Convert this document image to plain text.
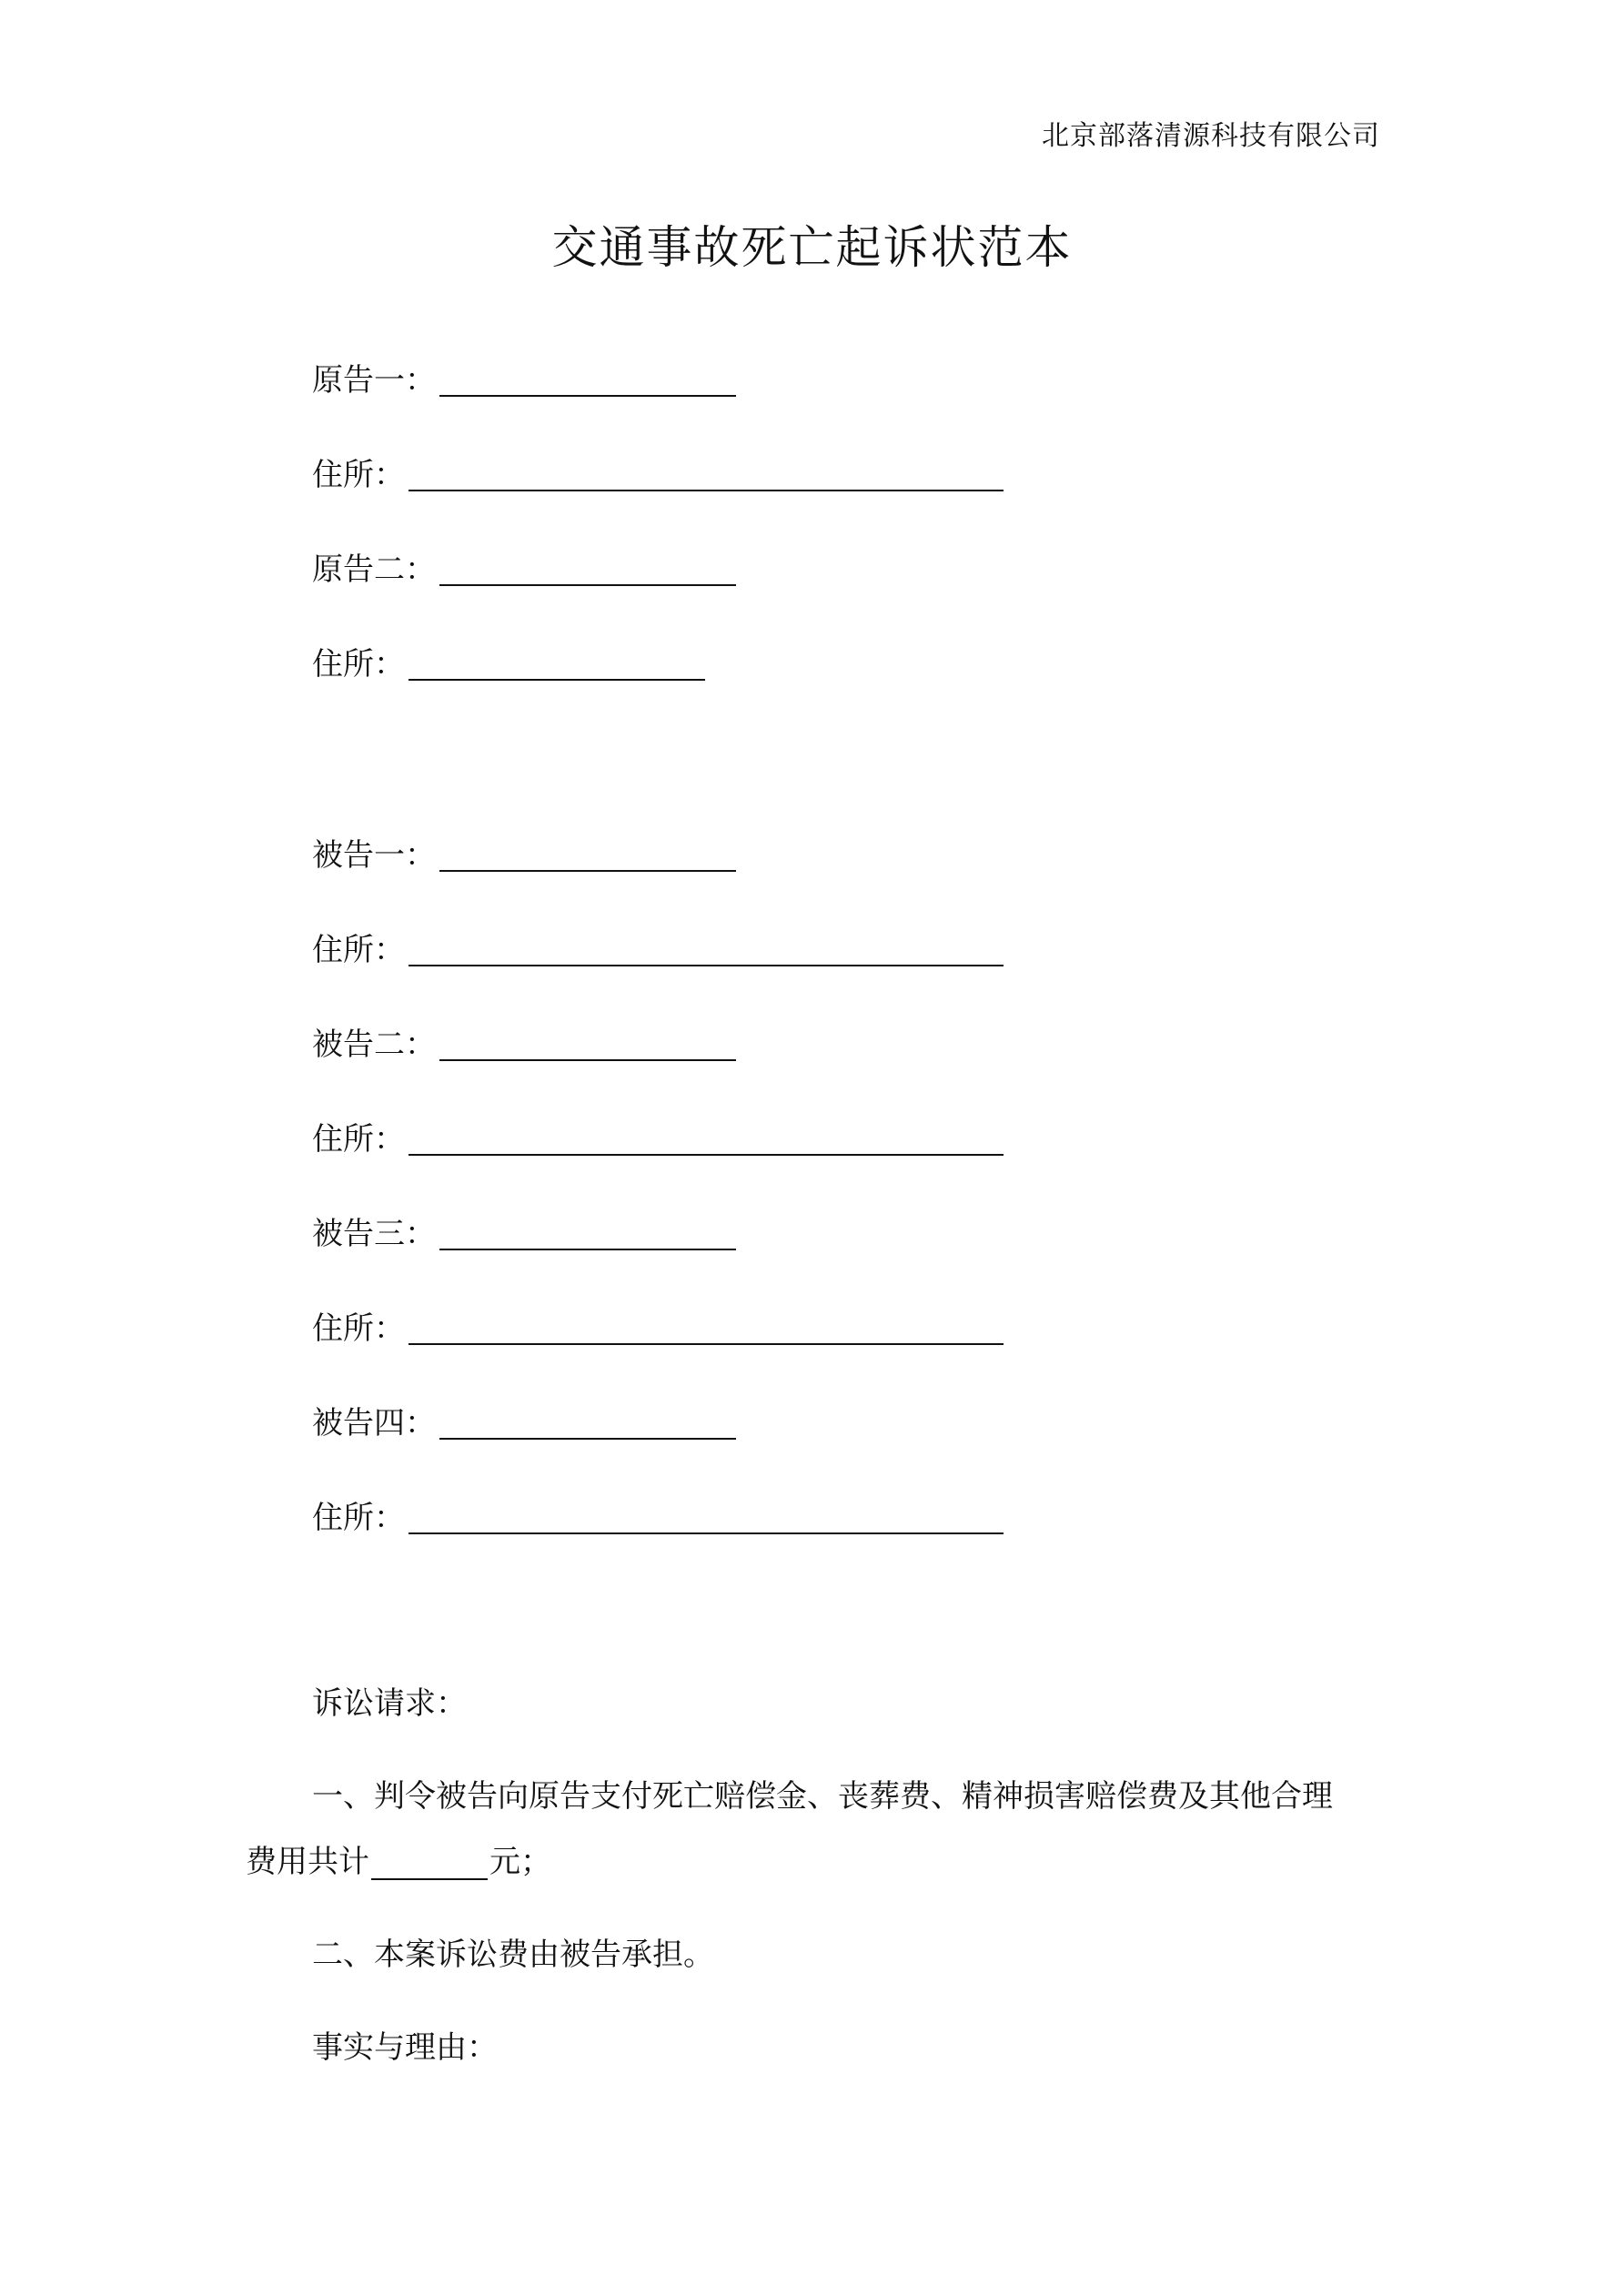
北京部落清源科技有限公司
交通事故死亡起诉状范本
原告一：
住所：
原告二：
住所：
被告一：
住所：
被告二：
住所：
被告三：
住所：
被告四：
住所：
诉讼请求：
一、判令被告向原告支付死亡赔偿金、丧葬费、精神损害赔偿费及其他合理
费用共计	元；
二、本案诉讼费由被告承担。
事实与理由：
